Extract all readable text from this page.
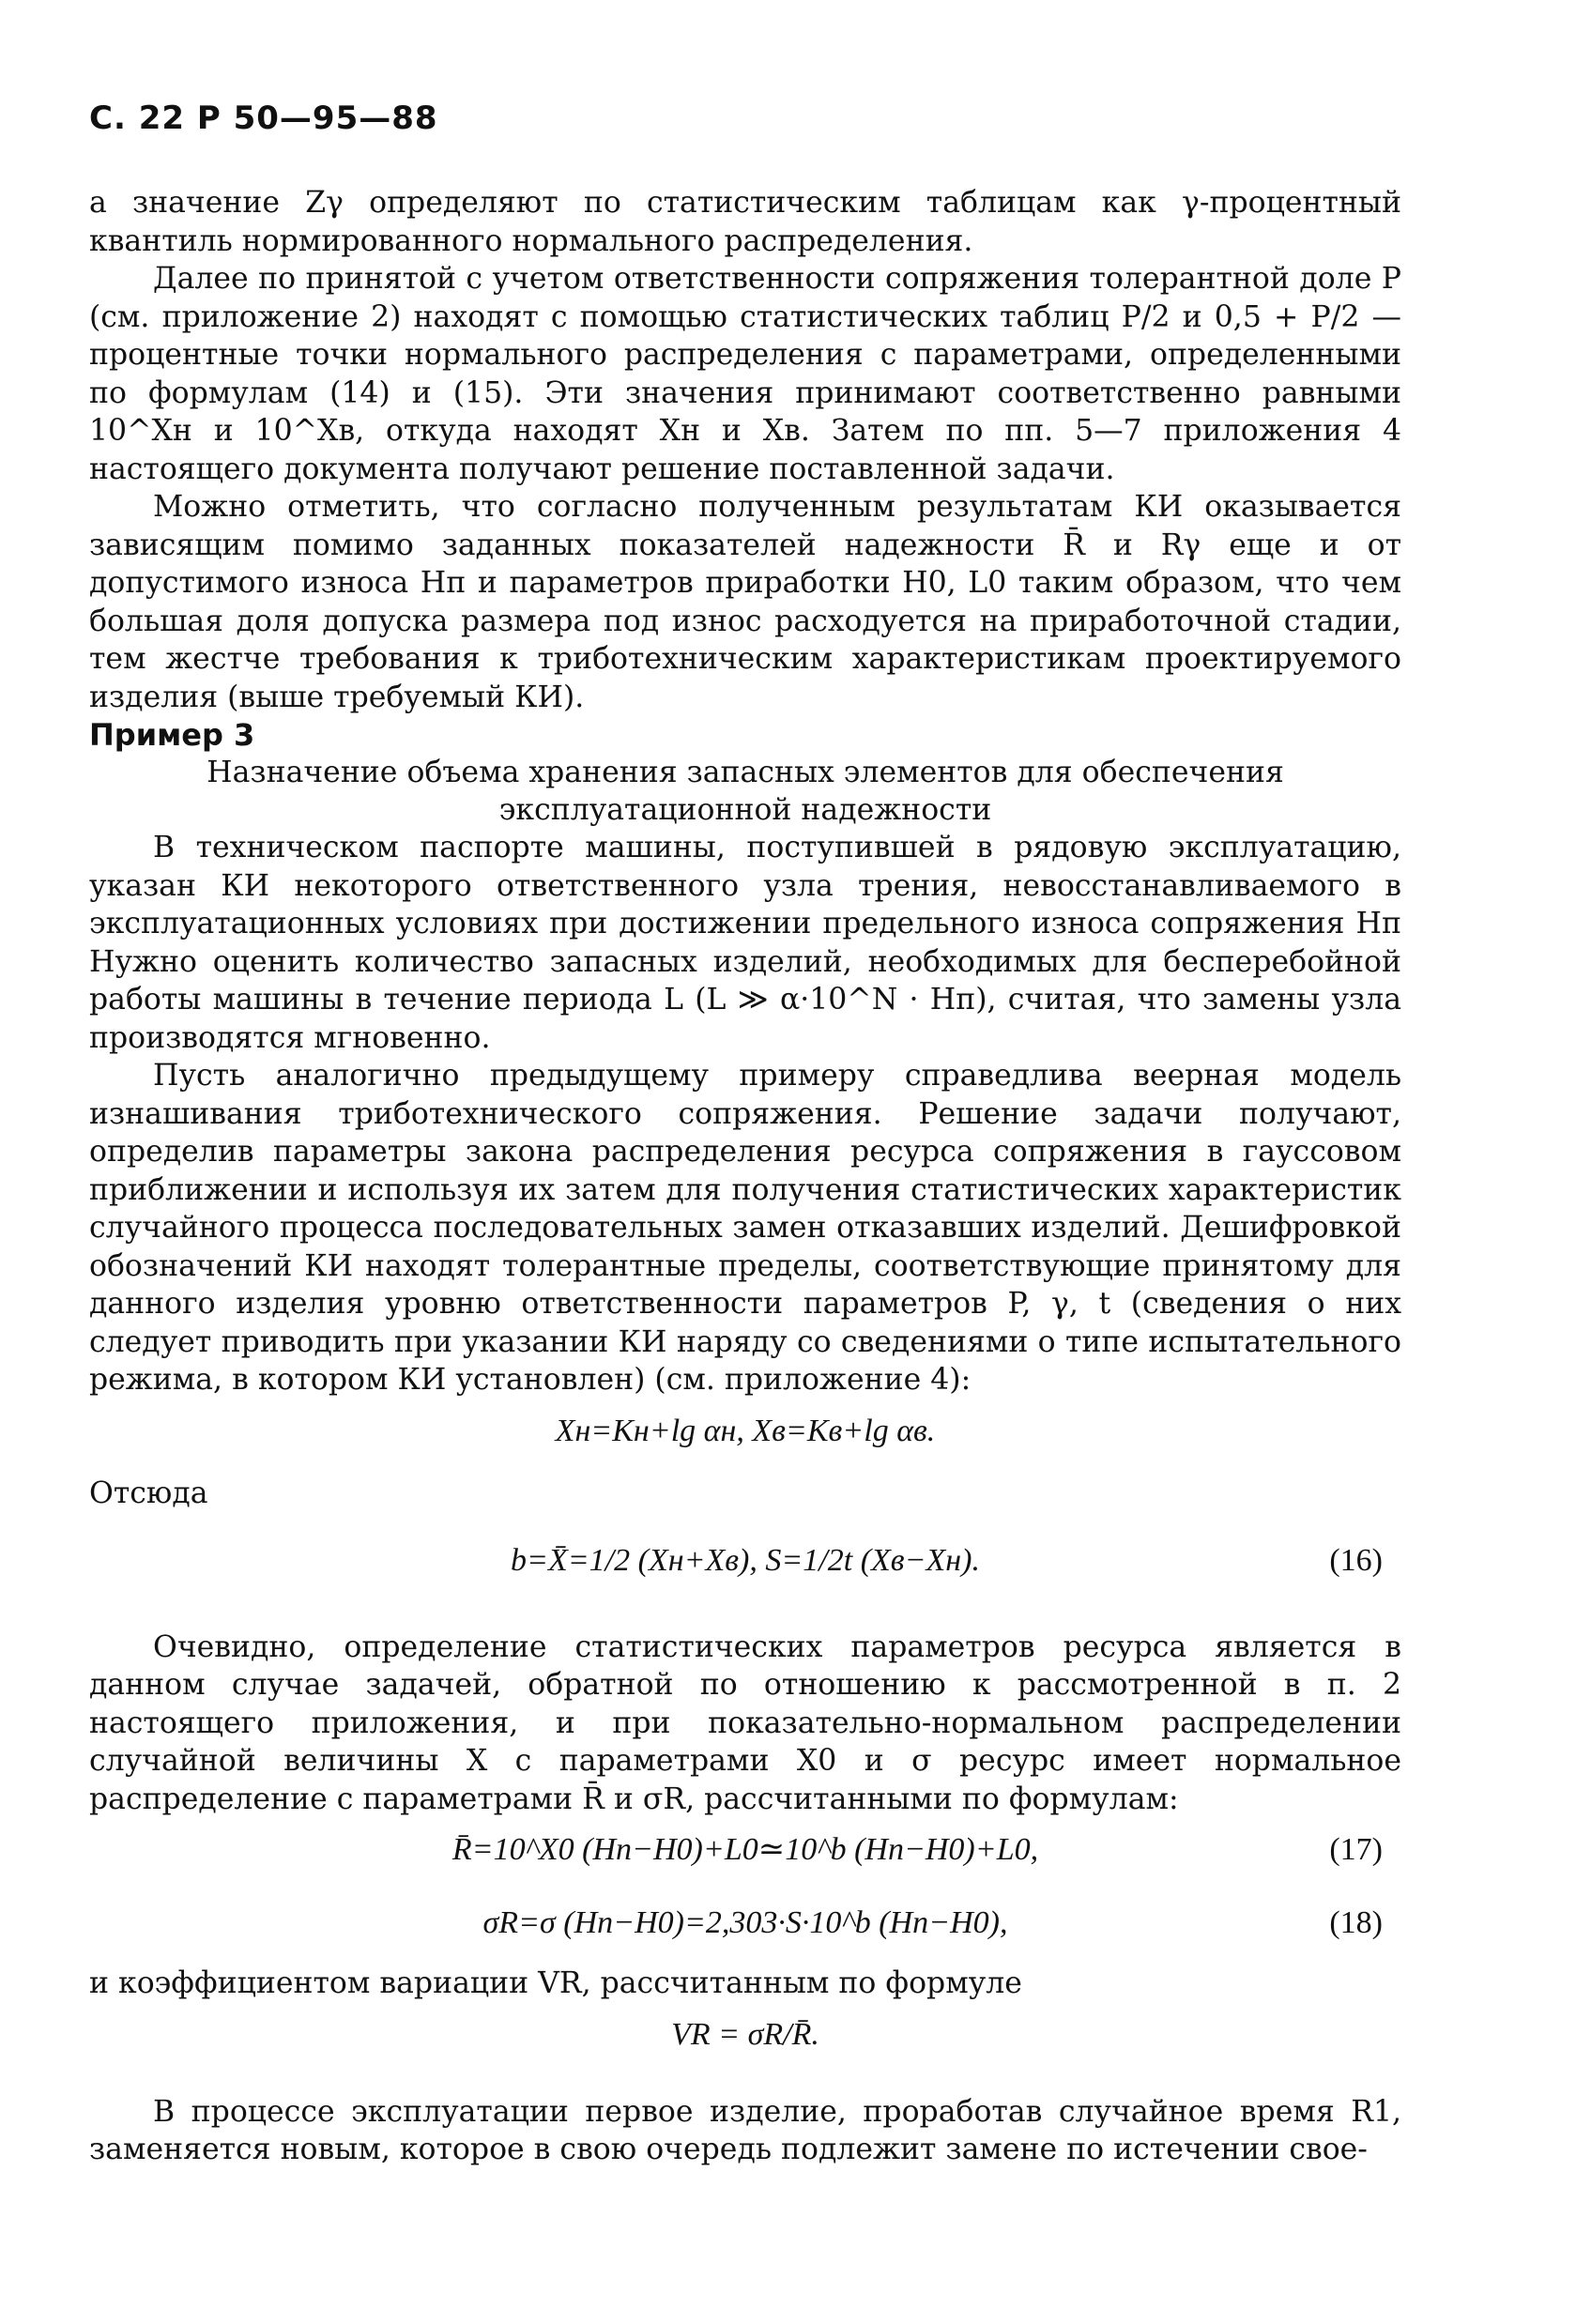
С. 22 Р 50—95—88

а значение Zγ определяют по статистическим таблицам как γ-процентный квантиль нормированного нормального распределения.

Далее по принятой с учетом ответственности сопряжения толерантной доле P (см. приложение 2) находят с помощью статистических таблиц P/2 и 0,5 + P/2 — процентные точки нормального распределения с параметрами, определенными по формулам (14) и (15). Эти значения принимают соответственно равными 10^Xн и 10^Xв, откуда находят Xн и Xв. Затем по пп. 5—7 приложения 4 настоящего документа получают решение поставленной задачи.

Можно отметить, что согласно полученным результатам КИ оказывается зависящим помимо заданных показателей надежности R̄ и Rγ еще и от допустимого износа Hп и параметров приработки H0, L0 таким образом, что чем большая доля допуска размера под износ расходуется на приработочной стадии, тем жестче требования к триботехническим характеристикам проектируемого изделия (выше требуемый КИ).

Пример 3

Назначение объема хранения запасных элементов для обеспечения эксплуатационной надежности

В техническом паспорте машины, поступившей в рядовую эксплуатацию, указан КИ некоторого ответственного узла трения, невосстанавливаемого в эксплуатационных условиях при достижении предельного износа сопряжения Hп Нужно оценить количество запасных изделий, необходимых для бесперебойной работы машины в течение периода L (L ≫ α·10^N · Hп), считая, что замены узла производятся мгновенно.

Пусть аналогично предыдущему примеру справедлива веерная модель изнашивания триботехнического сопряжения. Решение задачи получают, определив параметры закона распределения ресурса сопряжения в гауссовом приближении и используя их затем для получения статистических характеристик случайного процесса последовательных замен отказавших изделий. Дешифровкой обозначений КИ находят толерантные пределы, соответствующие принятому для данного изделия уровню ответственности параметров P, γ, t (сведения о них следует приводить при указании КИ наряду со сведениями о типе испытательного режима, в котором КИ установлен) (см. приложение 4):

Xн=Kн+lg αн, Xв=Kв+lg αв.

Отсюда

b=X̄=1/2 (Xн+Xв), S=1/2t (Xв−Xн).	(16)

Очевидно, определение статистических параметров ресурса является в данном случае задачей, обратной по отношению к рассмотренной в п. 2 настоящего приложения, и при показательно-нормальном распределении случайной величины X с параметрами X0 и σ ресурс имеет нормальное распределение с параметрами R̄ и σR, рассчитанными по формулам:

R̄=10^X0 (Hп−H0)+L0≃10^b (Hп−H0)+L0,	(17)
σR=σ (Hп−H0)=2,303·S·10^b (Hп−H0),	(18)

и коэффициентом вариации VR, рассчитанным по формуле

VR = σR/R̄.

В процессе эксплуатации первое изделие, проработав случайное время R1, заменяется новым, которое в свою очередь подлежит замене по истечении свое-
